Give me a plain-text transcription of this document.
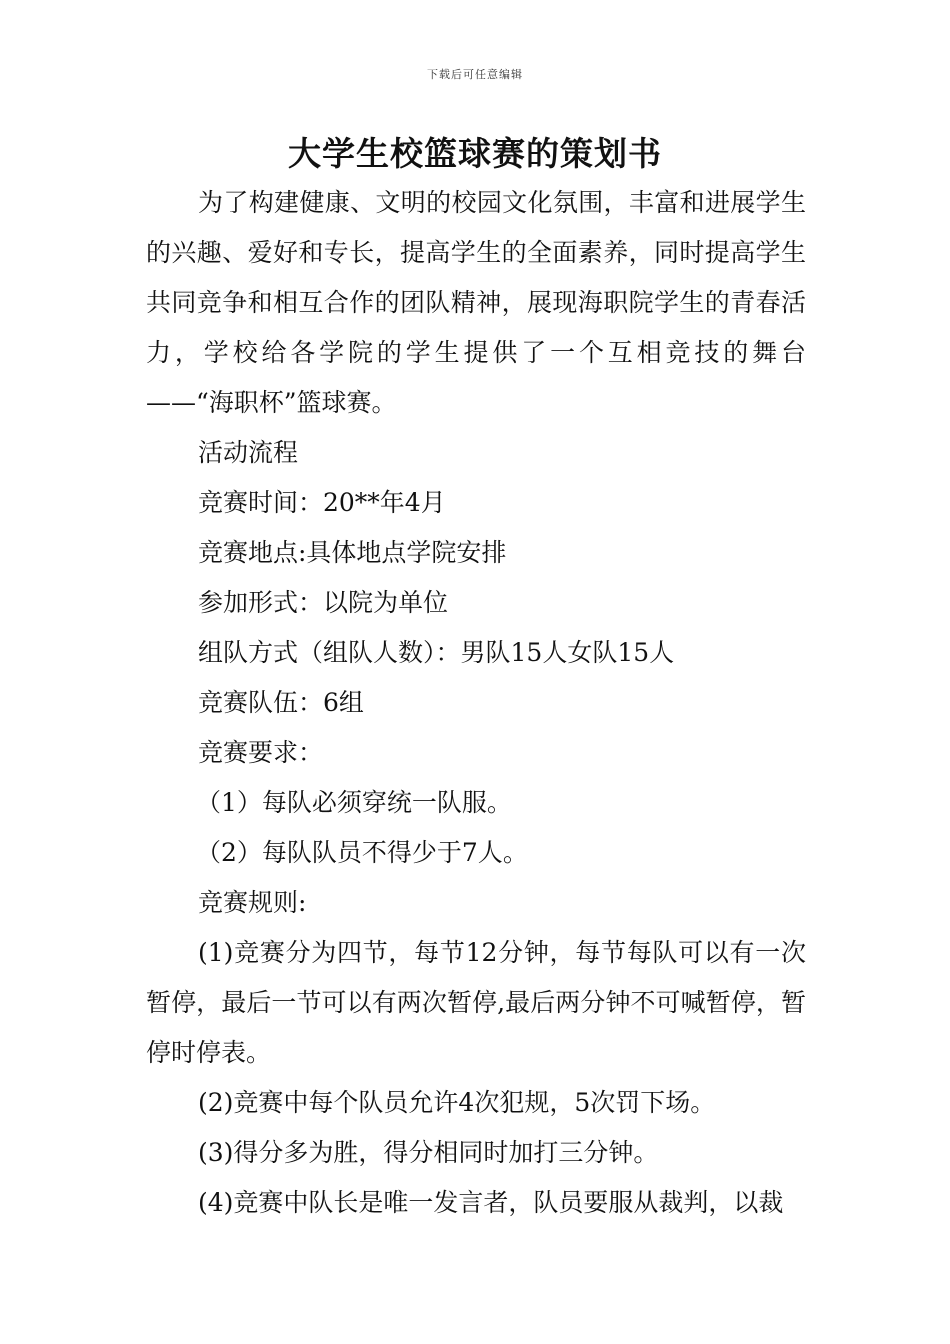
下载后可任意编辑
大学生校篮球赛的策划书

为了构建健康、文明的校园文化氛围，丰富和进展学生的兴趣、爱好和专长，提高学生的全面素养，同时提高学生共同竞争和相互合作的团队精神，展现海职院学生的青春活力，学校给各学院的学生提供了一个互相竞技的舞台——“海职杯”篮球赛。

活动流程

竞赛时间：20**年4月

竞赛地点:具体地点学院安排

参加形式：以院为单位

组队方式（组队人数）：男队15人女队15人

竞赛队伍：6组

竞赛要求：

（1）每队必须穿统一队服。

（2）每队队员不得少于7人。

竞赛规则:

(1)竞赛分为四节，每节12分钟，每节每队可以有一次暂停，最后一节可以有两次暂停,最后两分钟不可喊暂停，暂停时停表。

(2)竞赛中每个队员允许4次犯规，5次罚下场。

(3)得分多为胜，得分相同时加打三分钟。

(4)竞赛中队长是唯一发言者，队员要服从裁判，以裁
